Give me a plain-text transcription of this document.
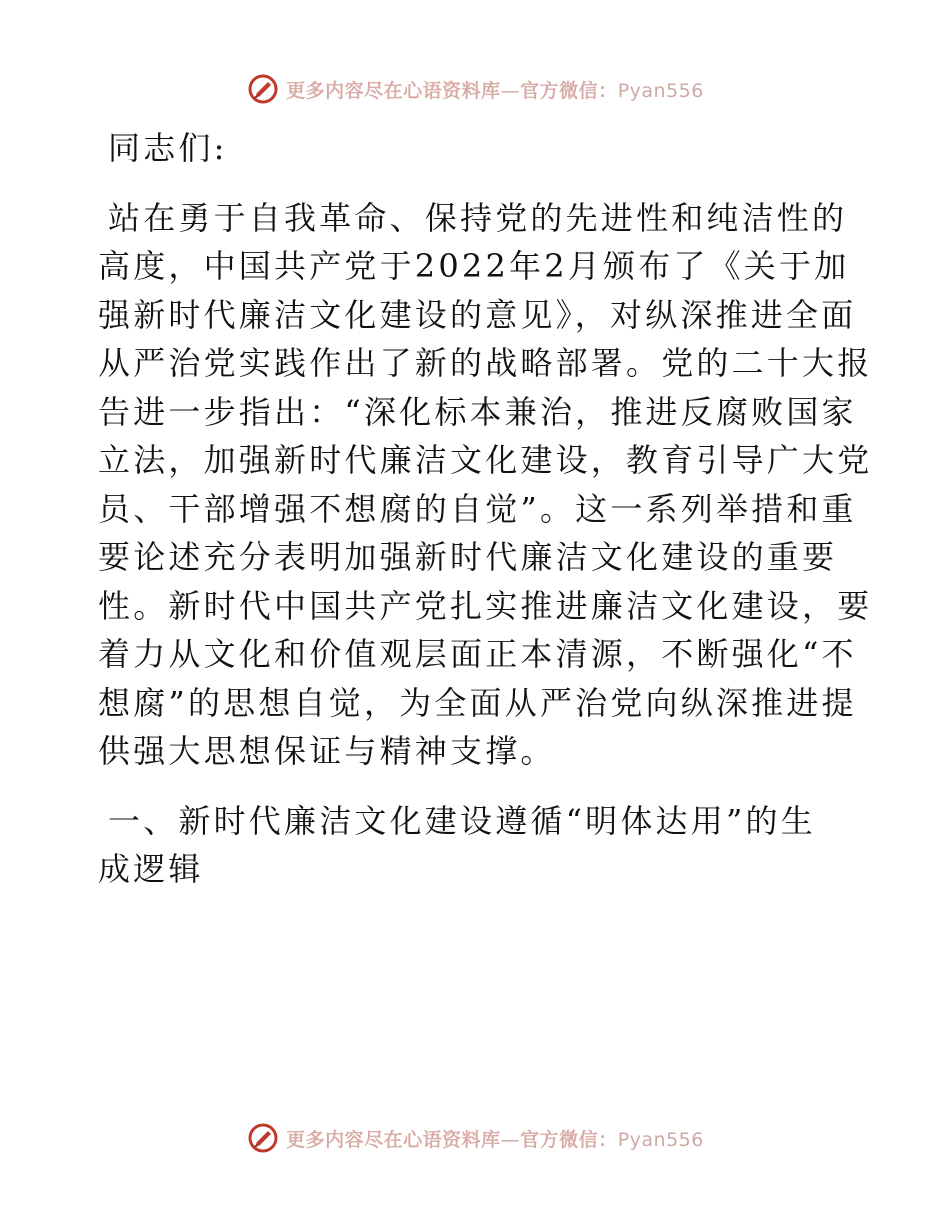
更多内容尽在心语资料库—官方微信：Pyan556
同志们:
站在勇于自我革命、保持党的先进性和纯洁性的
高度，中国共产党于2022年2月颁布了《关于加
强新时代廉洁文化建设的意见》，对纵深推进全面
从严治党实践作出了新的战略部署。党的二十大报
告进一步指出：“深化标本兼治，推进反腐败国家
立法，加强新时代廉洁文化建设，教育引导广大党
员、干部增强不想腐的自觉”。这一系列举措和重
要论述充分表明加强新时代廉洁文化建设的重要
性。新时代中国共产党扎实推进廉洁文化建设，要
着力从文化和价值观层面正本清源，不断强化“不
想腐”的思想自觉，为全面从严治党向纵深推进提
供强大思想保证与精神支撑。
一、新时代廉洁文化建设遵循“明体达用”的生
成逻辑
更多内容尽在心语资料库—官方微信：Pyan556
